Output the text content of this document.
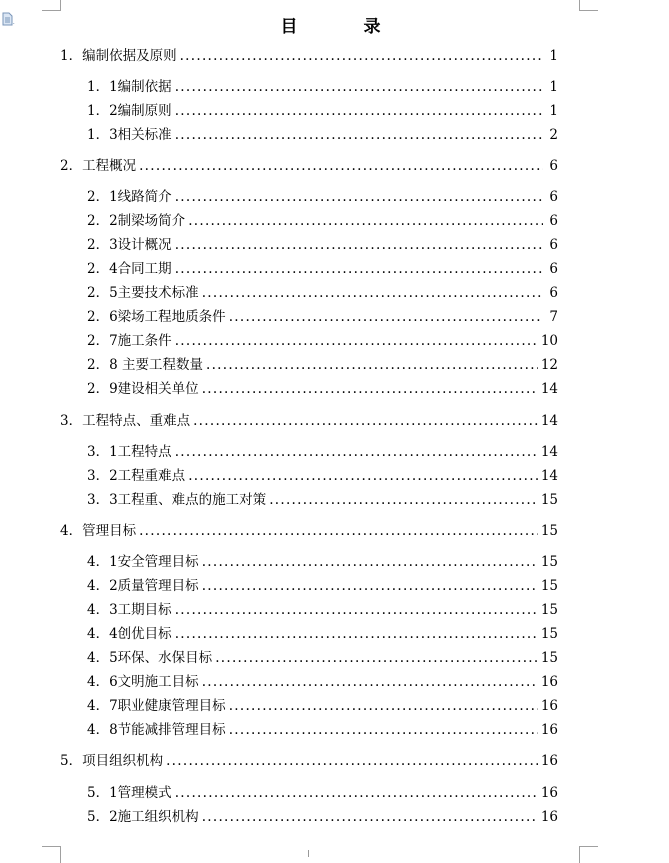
目 录
1．编制依据及原则 .....	1
1．1编制依据 .....	1
1．2编制原则 .....	1
1．3相关标准 .....	2
2．工程概况 .....	6
2．1线路简介 .....	6
2．2制梁场简介 .....	6
2．3设计概况 .....	6
2．4合同工期 .....	6
2．5主要技术标准 .....	6
2．6梁场工程地质条件 .....	7
2．7施工条件 .....	10
2．8 主要工程数量 .....	12
2．9建设相关单位 .....	14
3．工程特点、重难点 .....	14
3．1工程特点 .....	14
3．2工程重难点 .....	14
3．3工程重、难点的施工对策 .....	15
4．管理目标 .....	15
4．1安全管理目标 .....	15
4．2质量管理目标 .....	15
4．3工期目标 .....	15
4．4创优目标 .....	15
4．5环保、水保目标 .....	15
4．6文明施工目标 .....	16
4．7职业健康管理目标 .....	16
4．8节能减排管理目标 .....	16
5．项目组织机构 .....	16
5．1管理模式 .....	16
5．2施工组织机构 .....	16
